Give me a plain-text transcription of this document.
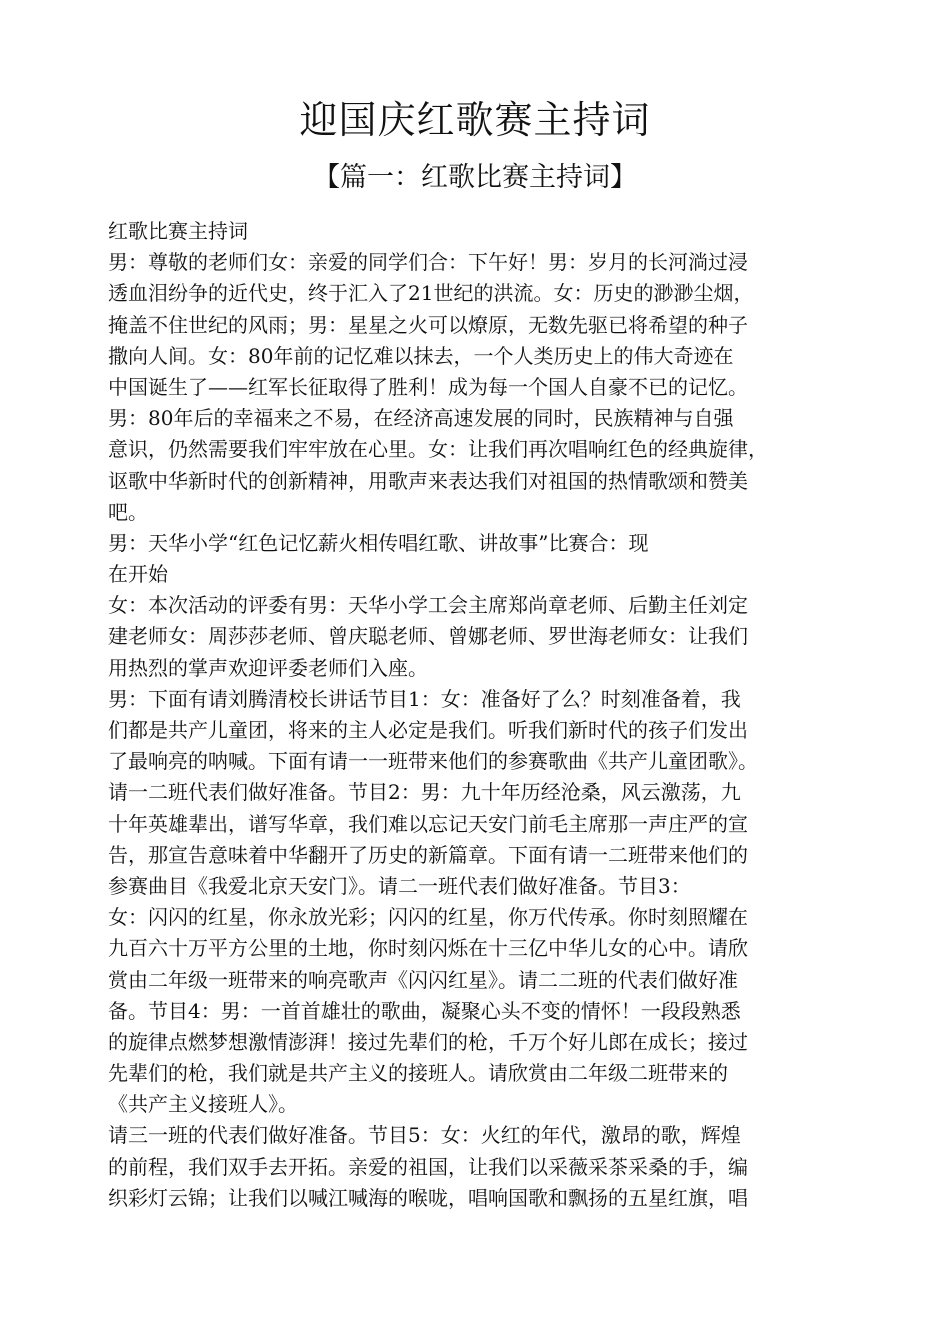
迎国庆红歌赛主持词
【篇一：红歌比赛主持词】
红歌比赛主持词
男：尊敬的老师们女：亲爱的同学们合：下午好！男：岁月的长河淌过浸
透血泪纷争的近代史，终于汇入了21世纪的洪流。女：历史的渺渺尘烟，
掩盖不住世纪的风雨；男：星星之火可以燎原，无数先驱已将希望的种子
撒向人间。女：80年前的记忆难以抹去，一个人类历史上的伟大奇迹在
中国诞生了——红军长征取得了胜利！成为每一个国人自豪不已的记忆。
男：80年后的幸福来之不易，在经济高速发展的同时，民族精神与自强
意识，仍然需要我们牢牢放在心里。女：让我们再次唱响红色的经典旋律，
讴歌中华新时代的创新精神，用歌声来表达我们对祖国的热情歌颂和赞美
吧。
男：天华小学“红色记忆薪火相传唱红歌、讲故事”比赛合：现
在开始
女：本次活动的评委有男：天华小学工会主席郑尚章老师、后勤主任刘定
建老师女：周莎莎老师、曾庆聪老师、曾娜老师、罗世海老师女：让我们
用热烈的掌声欢迎评委老师们入座。
男：下面有请刘腾清校长讲话节目1：女：准备好了么？时刻准备着，我
们都是共产儿童团，将来的主人必定是我们。听我们新时代的孩子们发出
了最响亮的呐喊。下面有请一一班带来他们的参赛歌曲《共产儿童团歌》。
请一二班代表们做好准备。节目2：男：九十年历经沧桑，风云激荡，九
十年英雄辈出，谱写华章，我们难以忘记天安门前毛主席那一声庄严的宣
告，那宣告意味着中华翻开了历史的新篇章。下面有请一二班带来他们的
参赛曲目《我爱北京天安门》。请二一班代表们做好准备。节目3：
女：闪闪的红星，你永放光彩；闪闪的红星，你万代传承。你时刻照耀在
九百六十万平方公里的土地，你时刻闪烁在十三亿中华儿女的心中。请欣
赏由二年级一班带来的响亮歌声《闪闪红星》。请二二班的代表们做好准
备。节目4：男：一首首雄壮的歌曲，凝聚心头不变的情怀！一段段熟悉
的旋律点燃梦想激情澎湃！接过先辈们的枪，千万个好儿郎在成长；接过
先辈们的枪，我们就是共产主义的接班人。请欣赏由二年级二班带来的
《共产主义接班人》。
请三一班的代表们做好准备。节目5：女：火红的年代，激昂的歌，辉煌
的前程，我们双手去开拓。亲爱的祖国，让我们以采薇采茶采桑的手，编
织彩灯云锦；让我们以喊江喊海的喉咙，唱响国歌和飘扬的五星红旗，唱
